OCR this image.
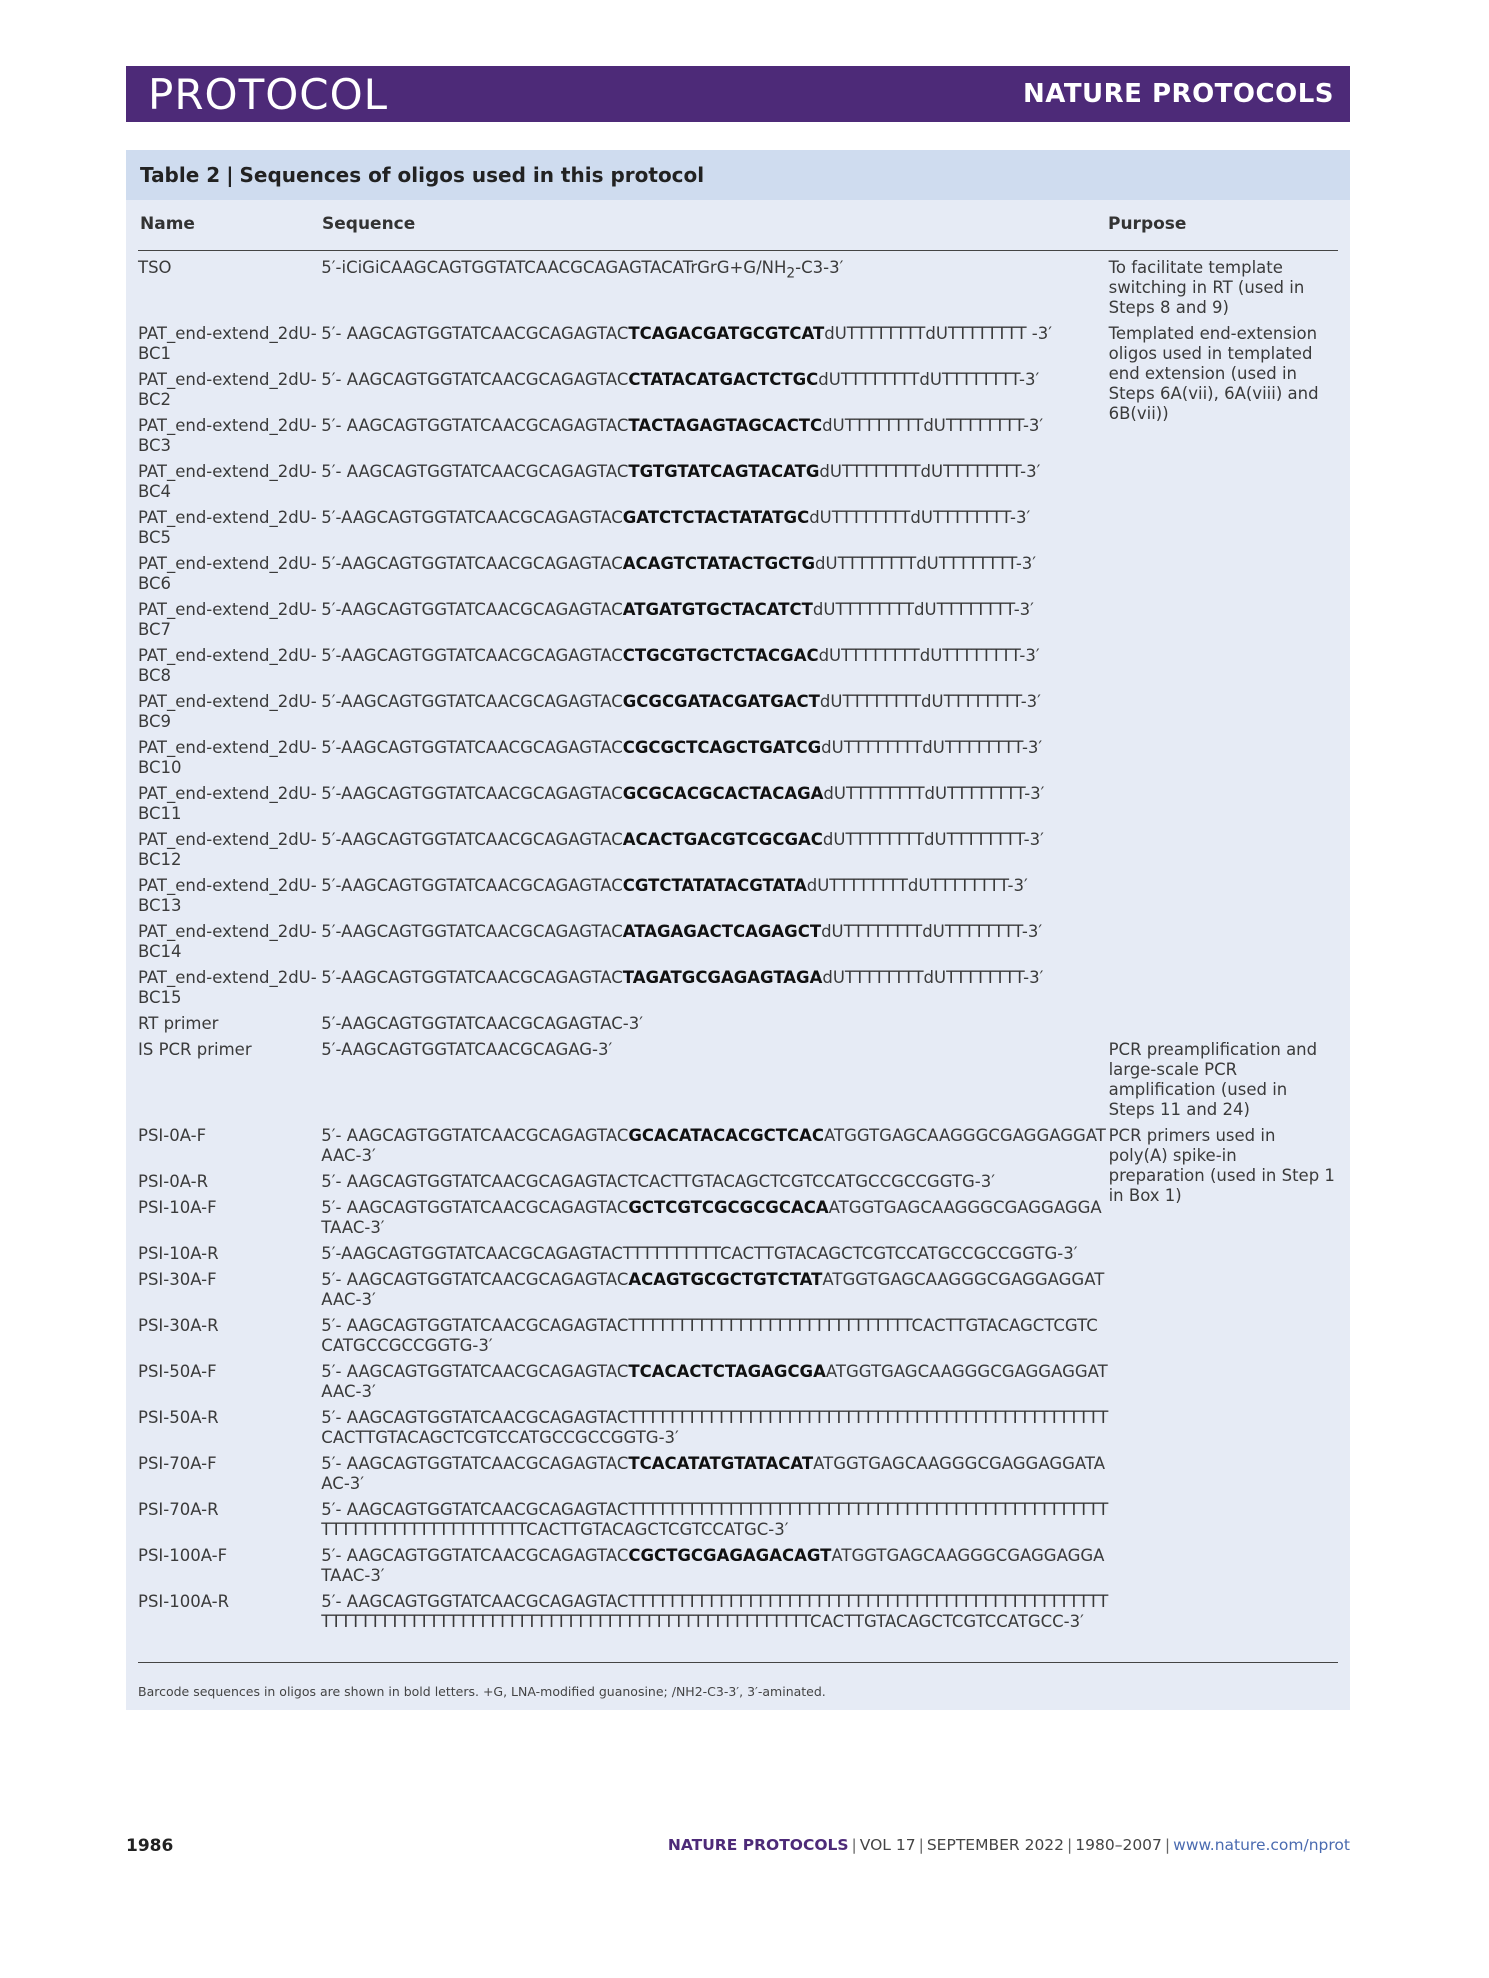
PROTOCOL	NATURE PROTOCOLS
Table 2 | Sequences of oligos used in this protocol
Name	Sequence	Purpose
TSO	$5'-iCiGiCAAGCAGTGGTATCAACGCAGAGTACATrGrG+G/NH_2-C3-3'$	To facilitate template switching in RT (used in Steps 8 and 9)
PAT_end-extend_2dU-BC1	5′- AAGCAGTGGTATCAACGCAGAGTACTCAGACGATGCGTCATdUTTTTTTTTdUTTTTTTTT -3′	Templated end-extension oligos used in templated end extension (used in Steps 6A(vii), 6A(viii) and 6B(vii))
PAT_end-extend_2dU-BC2	5′- AAGCAGTGGTATCAACGCAGAGTACCTATACATGACTCTGCdUTTTTTTTTdUTTTTTTTT-3′	
PAT_end-extend_2dU-BC3	5′- AAGCAGTGGTATCAACGCAGAGTACTACTAGAGTAGCACTCdUTTTTTTTTdUTTTTTTTT-3′	
PAT_end-extend_2dU-BC4	5′- AAGCAGTGGTATCAACGCAGAGTACTGTGTATCAGTACATGdUTTTTTTTTdUTTTTTTTT-3′	
PAT_end-extend_2dU-BC5	5′-AAGCAGTGGTATCAACGCAGAGTACGATCTCTACTATATGCdUTTTTTTTTdUTTTTTTTT-3′	
PAT_end-extend_2dU-BC6	5′-AAGCAGTGGTATCAACGCAGAGTACACAGTCTATACTGCTGdUTTTTTTTTdUTTTTTTTT-3′	
PAT_end-extend_2dU-BC7	5′-AAGCAGTGGTATCAACGCAGAGTACATGATGTGCTACATCTdUTTTTTTTTdUTTTTTTTT-3′	
PAT_end-extend_2dU-BC8	5′-AAGCAGTGGTATCAACGCAGAGTACCTGCGTGCTCTACGACdUTTTTTTTTdUTTTTTTTT-3′	
PAT_end-extend_2dU-BC9	5′-AAGCAGTGGTATCAACGCAGAGTACGCGCGATACGATGACTdUTTTTTTTTdUTTTTTTTT-3′	
PAT_end-extend_2dU-BC10	5′-AAGCAGTGGTATCAACGCAGAGTACCGCGCTCAGCTGATCGdUTTTTTTTTdUTTTTTTTT-3′	
PAT_end-extend_2dU-BC11	5′-AAGCAGTGGTATCAACGCAGAGTACGCGCACGCACTACAGAdUTTTTTTTTdUTTTTTTTT-3′	
PAT_end-extend_2dU-BC12	5′-AAGCAGTGGTATCAACGCAGAGTACACACTGACGTCGCGACdUTTTTTTTTdUTTTTTTTT-3′	
PAT_end-extend_2dU-BC13	5′-AAGCAGTGGTATCAACGCAGAGTACCGTCTATATACGTATAdUTTTTTTTTdUTTTTTTTT-3′	
PAT_end-extend_2dU-BC14	5′-AAGCAGTGGTATCAACGCAGAGTACATAGAGACTCAGAGCTdUTTTTTTTTdUTTTTTTTT-3′	
PAT_end-extend_2dU-BC15	5′-AAGCAGTGGTATCAACGCAGAGTACTAGATGCGAGAGTAGAdUTTTTTTTTdUTTTTTTTT-3′	
RT primer	5′-AAGCAGTGGTATCAACGCAGAGTAC-3′	
IS PCR primer	5′-AAGCAGTGGTATCAACGCAGAG-3′	PCR preamplification and large-scale PCR amplification (used in Steps 11 and 24)
PSI-0A-F	5′- AAGCAGTGGTATCAACGCAGAGTACGCACATACACGCTCACATGGTGAGCAAGGGCGAGGAGGATAAC-3′	PCR primers used in poly(A) spike-in preparation (used in Step 1 in Box 1)
PSI-0A-R	5′- AAGCAGTGGTATCAACGCAGAGTACTCACTTGTACAGCTCGTCCATGCCGCCGGTG-3′	
PSI-10A-F	5′- AAGCAGTGGTATCAACGCAGAGTACGCTCGTCGCGCGCACAATGGTGAGCAAGGGCGAGGAGGATAAC-3′	
PSI-10A-R	5′-AAGCAGTGGTATCAACGCAGAGTACTTTTTTTTTTCACTTGTACAGCTCGTCCATGCCGCCGGTG-3′	
PSI-30A-F	5′- AAGCAGTGGTATCAACGCAGAGTACACAGTGCGCTGTCTATATGGTGAGCAAGGGCGAGGAGGATAAC-3′	
PSI-30A-R	5′- AAGCAGTGGTATCAACGCAGAGTACTTTTTTTTTTTTTTTTTTTTTTTTTTTTTCACTTGTACAGCTCGTCCATGCCGCCGGTG-3′	
PSI-50A-F	5′- AAGCAGTGGTATCAACGCAGAGTACTCACACTCTAGAGCGAATGGTGAGCAAGGGCGAGGAGGATAAC-3′	
PSI-50A-R	5′- AAGCAGTGGTATCAACGCAGAGTACTTTTTTTTTTTTTTTTTTTTTTTTTTTTTTTTTTTTTTTTTTTTTTTTTCACTTGTACAGCTCGTCCATGCCGCCGGTG-3′	
PSI-70A-F	5′- AAGCAGTGGTATCAACGCAGAGTACTCACATATGTATACATATGGTGAGCAAGGGCGAGGAGGATAAC-3′	
PSI-70A-R	5′- AAGCAGTGGTATCAACGCAGAGTACTTTTTTTTTTTTTTTTTTTTTTTTTTTTTTTTTTTTTTTTTTTTTTTTTTTTTTTTTTTTTTTTTTTTTTCACTTGTACAGCTCGTCCATGC-3′	
PSI-100A-F	5′- AAGCAGTGGTATCAACGCAGAGTACCGCTGCGAGAGACAGTATGGTGAGCAAGGGCGAGGAGGATAAC-3′	
PSI-100A-R	5′- AAGCAGTGGTATCAACGCAGAGTACTTTTTTTTTTTTTTTTTTTTTTTTTTTTTTTTTTTTTTTTTTTTTTTTTTTTTTTTTTTTTTTTTTTTTTTTTTTTTTTTTTTTTTTTTTTTTTTTTTTCACTTGTACAGCTCGTCCATGCC-3′	
Barcode sequences in oligos are shown in bold letters. +G, LNA-modified guanosine; /NH2-C3-3′, 3′-aminated.
1986	NATURE PROTOCOLS | VOL 17 | SEPTEMBER 2022 | 1980–2007 | www.nature.com/nprot
